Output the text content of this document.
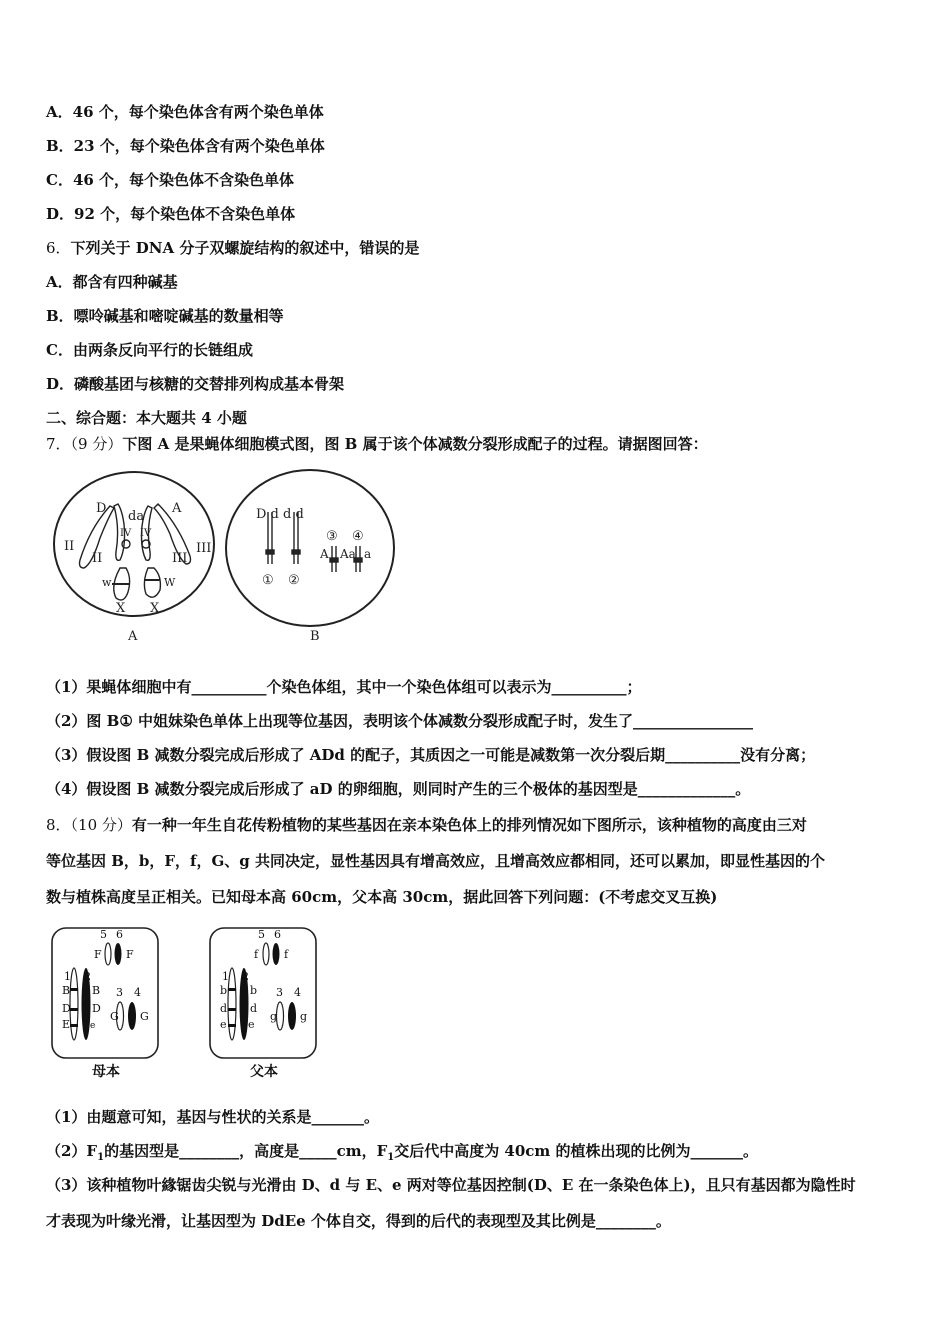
A．46 个，每个染色体含有两个染色单体
B．23 个，每个染色体含有两个染色单体
C．46 个，每个染色体不含染色单体
D．92 个，每个染色体不含染色单体
6．下列关于 DNA 分子双螺旋结构的叙述中，错误的是
A．都含有四种碱基
B．嘌呤碱基和嘧啶碱基的数量相等
C．由两条反向平行的长链组成
D．磷酸基团与核糖的交替排列构成基本骨架
二、综合题：本大题共 4 小题
7．（9 分）下图 A 是果蝇体细胞模式图，图 B 属于该个体减数分裂形成配子的过程。请据图回答：
D
da
A
II
II
IV IV
III
III
w	W
X X
A
D d d d
① ②
③ ④
A Aa a
B
（1）果蝇体细胞中有__________个染色体组，其中一个染色体组可以表示为__________；
（2）图 B① 中姐妹染色单体上出现等位基因，表明该个体减数分裂形成配子时，发生了________________
（3）假设图 B 减数分裂完成后形成了 ADd 的配子，其质因之一可能是减数第一次分裂后期__________没有分离；
（4）假设图 B 减数分裂完成后形成了 aD 的卵细胞，则同时产生的三个极体的基因型是_____________。
8．（10 分）有一种一年生自花传粉植物的某些基因在亲本染色体上的排列情况如下图所示，该种植物的高度由三对
等位基因 B，b，F，f，G、g 共同决定，显性基因具有增高效应，且增高效应都相同，还可以累加，即显性基因的个
数与植株高度呈正相关。已知母本高 60cm，父本高 30cm，据此回答下列问题：(不考虑交叉互换)
5 6
F F
1 2
B B
D D
E e
3 4
G G
母本
5 6
f f
1 2
b b
d d
e e
3 4
g g
父本
（1）由题意可知，基因与性状的关系是_______。
$(2)F_1$的基因型是________，高度是_____cm，$F_1$交后代中高度为 40cm 的植株出现的比例为_______。
（3）该种植物叶緣锯齿尖锐与光滑由 D、d 与 E、e 两对等位基因控制(D、E 在一条染色体上)，且只有基因都为隐性时
才表现为叶缘光滑，让基因型为 DdEe 个体自交，得到的后代的表现型及其比例是________。
